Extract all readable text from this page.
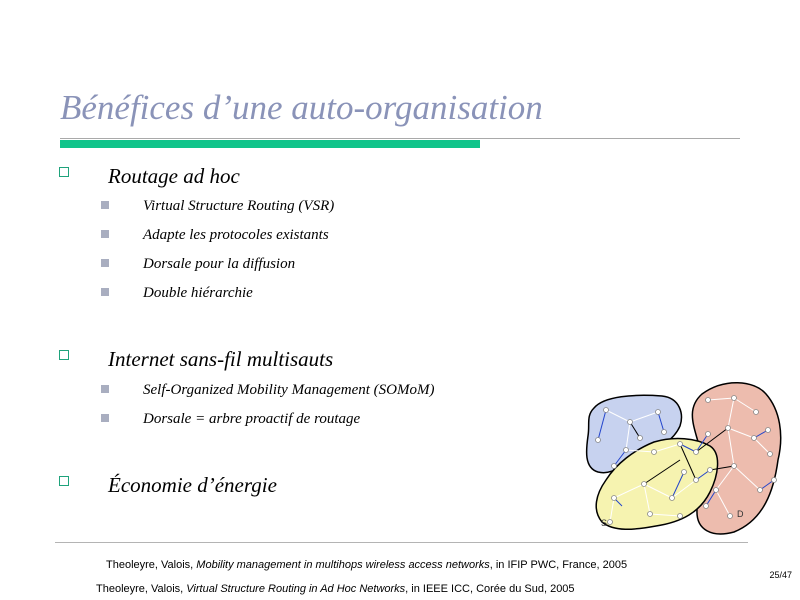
Bénéfices d’une auto-organisation
Routage ad hoc
Virtual Structure Routing (VSR)
Adapte les protocoles existants
Dorsale pour la diffusion
Double hiérarchie
Internet sans-fil multisauts
Self-Organized Mobility Management (SOMoM)
Dorsale = arbre proactif de routage
Économie d’énergie
S
D
Theoleyre, Valois, Mobility management in multihops wireless access networks, in IFIP PWC, France, 2005
Theoleyre, Valois, Virtual Structure Routing in Ad Hoc Networks, in IEEE ICC, Corée du Sud, 2005
25/47
